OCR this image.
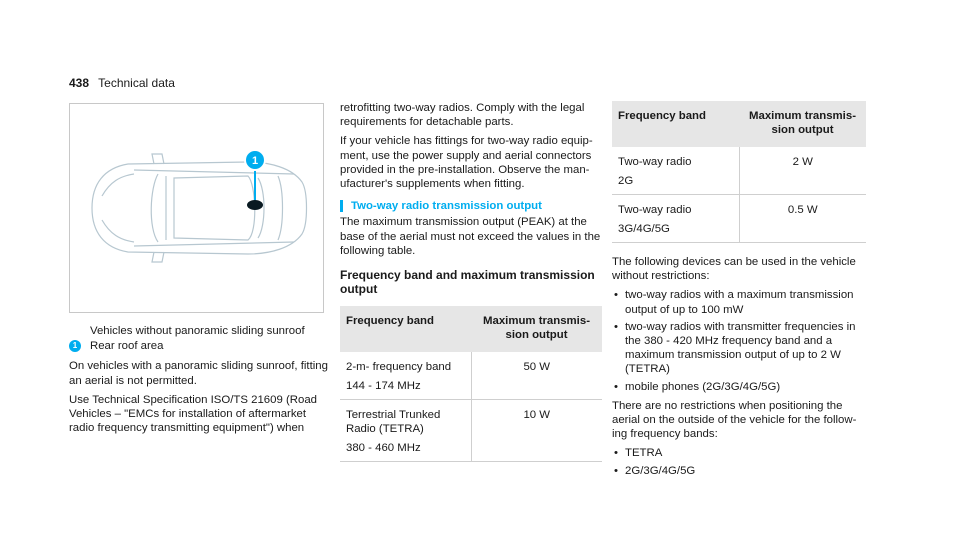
438 Technical data
1

Vehicles without panoramic sliding sunroof

1	Rear roof area

On vehicles with a panoramic sliding sunroof, fitting an aerial is not permitted.

Use Technical Specification ISO/TS 21609 (Road Vehicles – "EMCs for installation of aftermarket radio frequency transmitting equipment") when

retrofitting two-way radios. Comply with the legal requirements for detachable parts.

If your vehicle has fittings for two-way radio equipment, use the power supply and aerial connectors provided in the pre-installation. Observe the manufacturer's supplements when fitting.

Two-way radio transmission output

The maximum transmission output (PEAK) at the base of the aerial must not exceed the values in the following table.

Frequency band and maximum transmission output
Frequency band	Maximum transmission output
2-m- frequency band
144 - 174 MHz	50 W
Terrestrial Trunked Radio (TETRA)
380 - 460 MHz	10 W
Frequency band	Maximum transmission output
Two-way radio
2G	2 W
Two-way radio
3G/4G/5G	0.5 W

The following devices can be used in the vehicle without restrictions:

• two-way radios with a maximum transmission output of up to 100 mW
• two-way radios with transmitter frequencies in the 380 - 420 MHz frequency band and a maximum transmission output of up to 2 W (TETRA)
• mobile phones (2G/3G/4G/5G)

There are no restrictions when positioning the aerial on the outside of the vehicle for the following frequency bands:

• TETRA
• 2G/3G/4G/5G
